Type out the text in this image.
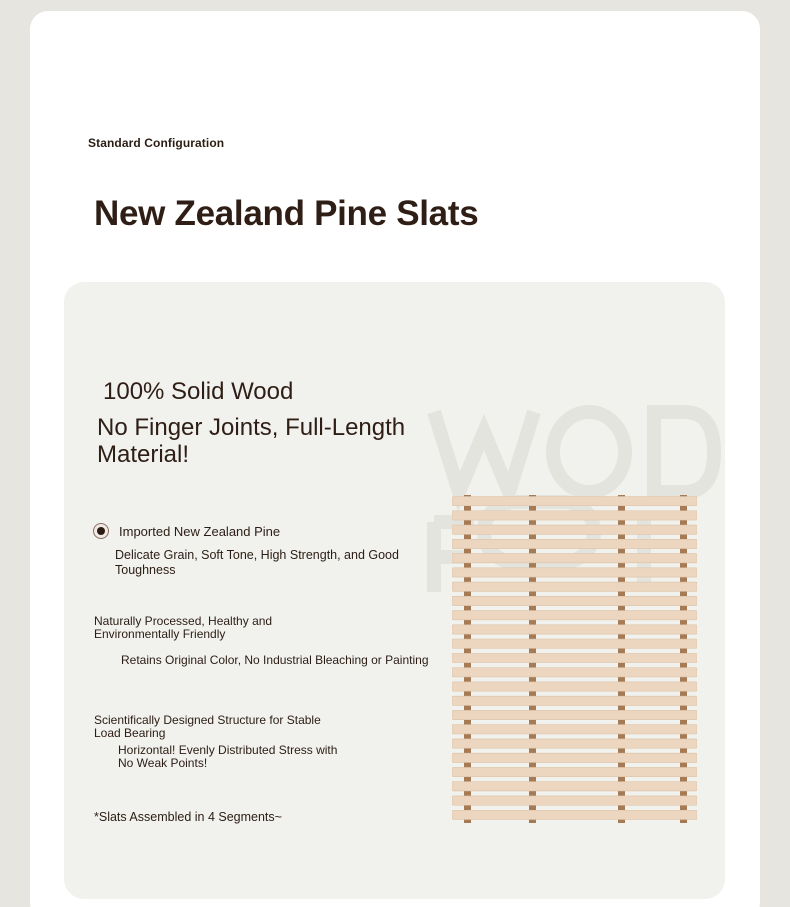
Standard Configuration
New Zealand Pine Slats
100% Solid Wood
No Finger Joints, Full-Length Material!
Imported New Zealand Pine
Delicate Grain, Soft Tone, High Strength, and Good Toughness
Naturally Processed, Healthy and Environmentally Friendly
Retains Original Color, No Industrial Bleaching or Painting
Scientifically Designed Structure for Stable Load Bearing
Horizontal! Evenly Distributed Stress with No Weak Points!
*Slats Assembled in 4 Segments~
